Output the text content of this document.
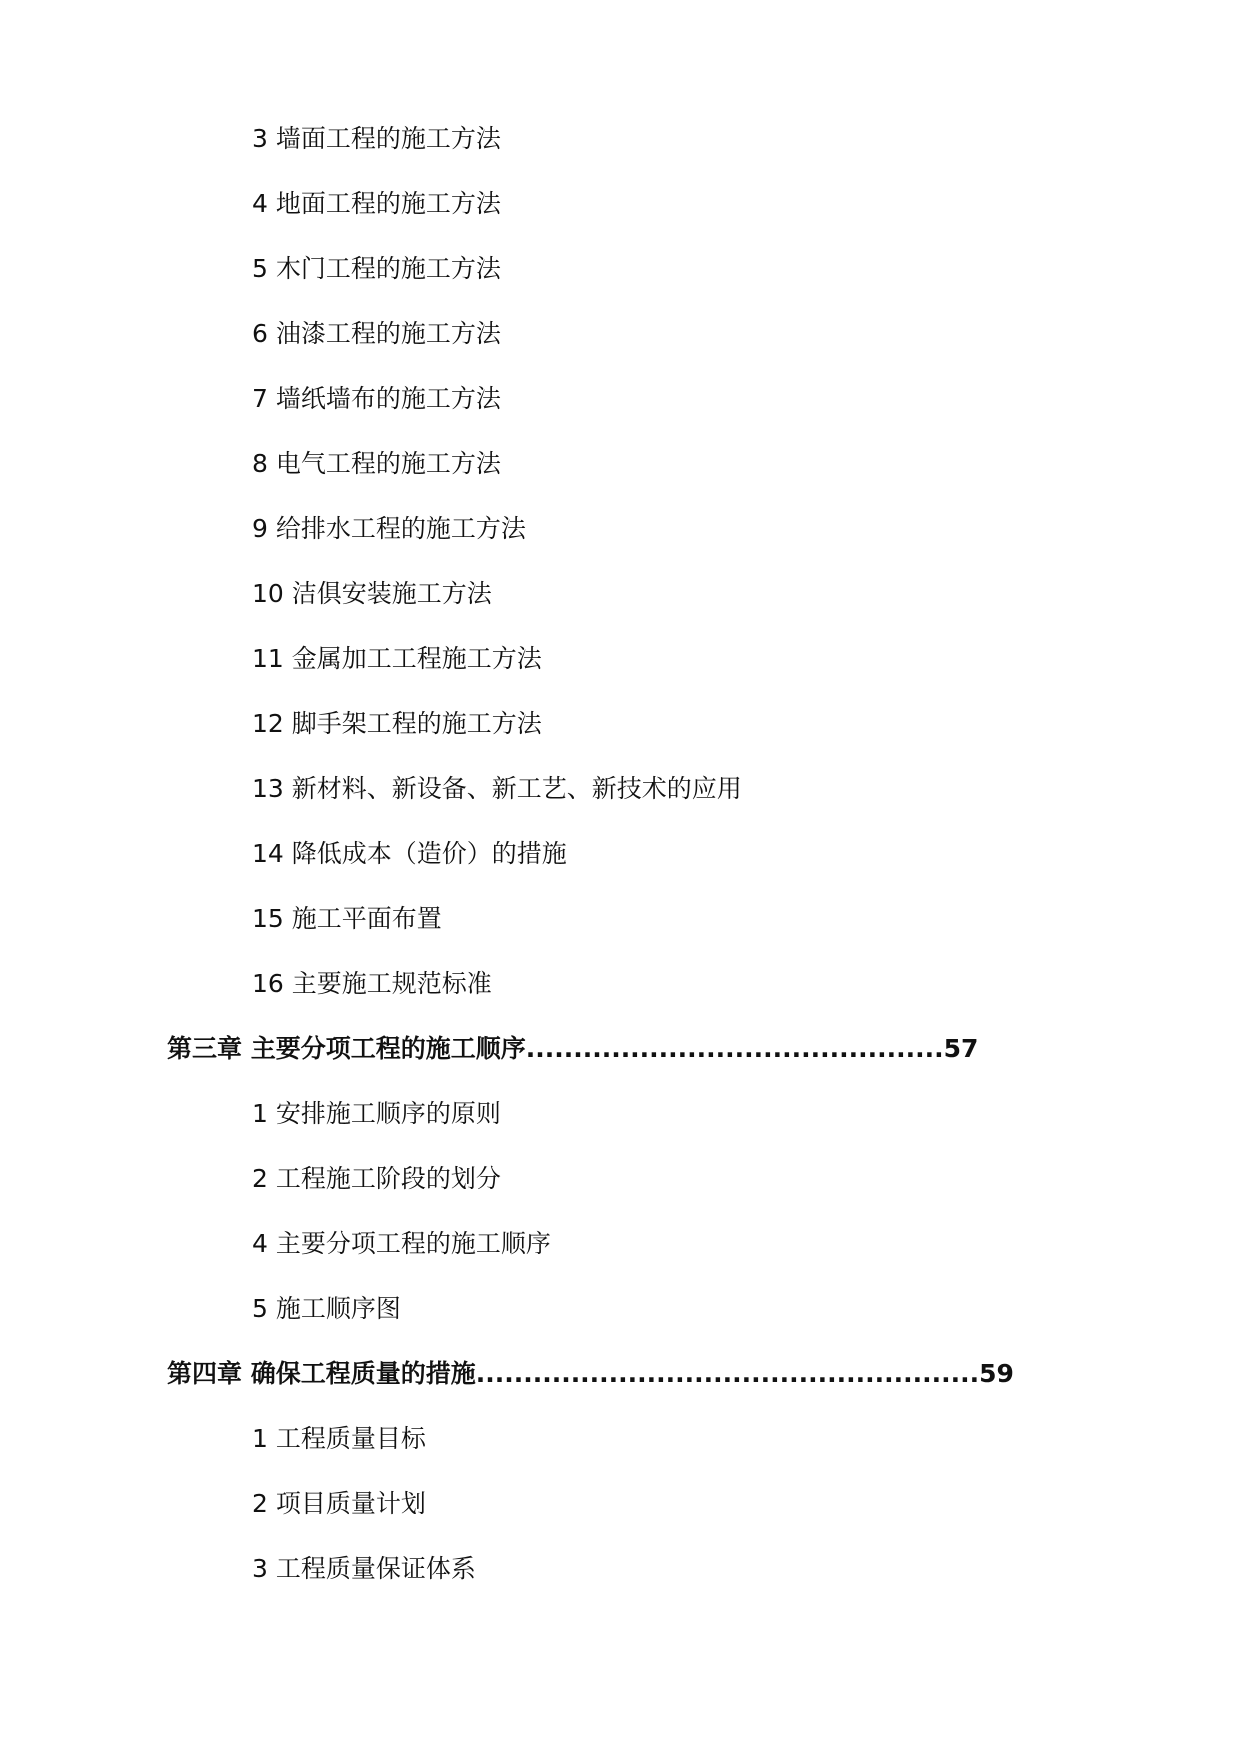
3 墙面工程的施工方法
4 地面工程的施工方法
5 木门工程的施工方法
6 油漆工程的施工方法
7 墙纸墙布的施工方法
8 电气工程的施工方法
9 给排水工程的施工方法
10 洁俱安装施工方法
11 金属加工工程施工方法
12 脚手架工程的施工方法
13 新材料、新设备、新工艺、新技术的应用
14 降低成本（造价）的措施
15 施工平面布置
16 主要施工规范标准
第三章 主要分项工程的施工顺序............................................57
1 安排施工顺序的原则
2 工程施工阶段的划分
4 主要分项工程的施工顺序
5 施工顺序图
第四章 确保工程质量的措施.....................................................59
1 工程质量目标
2 项目质量计划
3 工程质量保证体系
